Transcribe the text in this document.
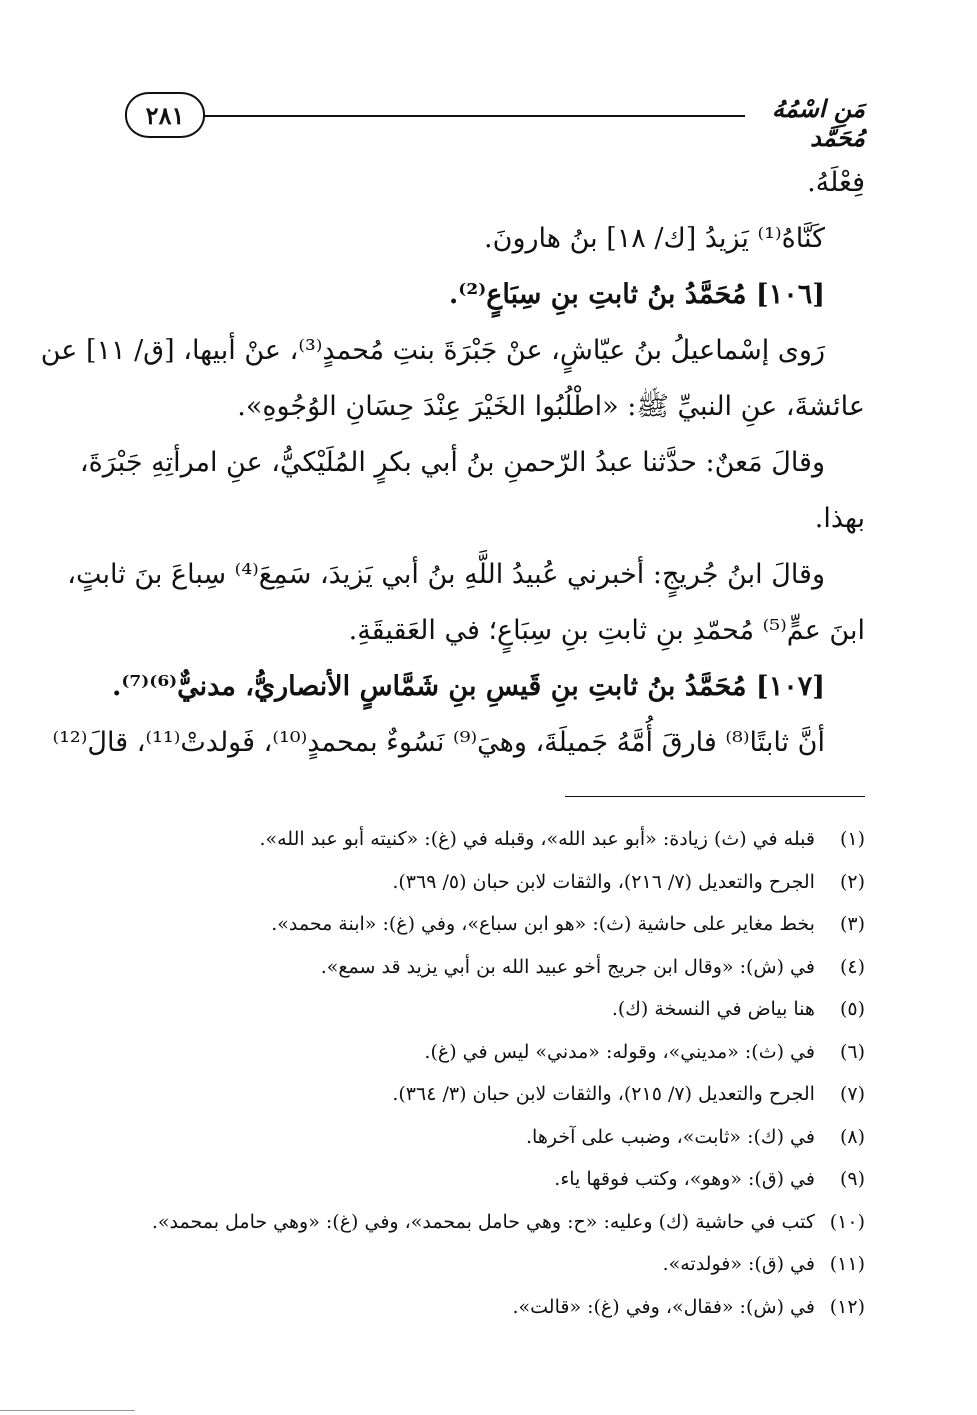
٢٨١	مَنِ اسْمُهُ مُحَمَّد
فِعْلَهُ.
كَنَّاهُ⁽¹⁾ يَزيدُ [ك/ ١٨] بنُ هارونَ.
[١٠٦] مُحَمَّدُ بنُ ثابتِ بنِ سِبَاعٍ⁽²⁾.
رَوى إسْماعيلُ بنُ عيّاشٍ، عنْ جَبْرَةَ بنتِ مُحمدٍ⁽³⁾، عنْ أبيها، [ق/ ١١] عن
عائشةَ، عنِ النبيِّ ﷺ: «اطْلُبُوا الخَيْرَ عِنْدَ حِسَانِ الوُجُوهِ».
وقالَ مَعنٌ: حدَّثنا عبدُ الرّحمنِ بنُ أبي بكرٍ المُلَيْكيُّ، عنِ امرأتِهِ جَبْرَةَ،
بهذا.
وقالَ ابنُ جُريجٍ: أخبرني عُبيدُ اللَّهِ بنُ أبي يَزيدَ، سَمِعَ⁽⁴⁾ سِباعَ بنَ ثابتٍ،
ابنَ عمٍّ⁽⁵⁾ مُحمّدِ بنِ ثابتِ بنِ سِبَاعٍ؛ في العَقيقَةِ.
[١٠٧] مُحَمَّدُ بنُ ثابتِ بنِ قَيسِ بنِ شَمَّاسٍ الأنصاريُّ، مدنيٌّ⁽⁶⁾⁽⁷⁾.
أنَّ ثابتًا⁽⁸⁾ فارقَ أُمَّهُ جَميلَةَ، وهيَ⁽⁹⁾ نَسُوءٌ بمحمدٍ⁽¹⁰⁾، فَولدتْ⁽¹¹⁾، قالَ⁽¹²⁾
(١) قبله في (ث) زيادة: «أبو عبد الله»، وقبله في (غ): «كنيته أبو عبد الله».
(٢) الجرح والتعديل (٧/ ٢١٦)، والثقات لابن حبان (٥/ ٣٦٩).
(٣) بخط مغاير على حاشية (ث): «هو ابن سباع»، وفي (غ): «ابنة محمد».
(٤) في (ش): «وقال ابن جريج أخو عبيد الله بن أبي يزيد قد سمع».
(٥) هنا بياض في النسخة (ك).
(٦) في (ث): «مديني»، وقوله: «مدني» ليس في (غ).
(٧) الجرح والتعديل (٧/ ٢١٥)، والثقات لابن حبان (٣/ ٣٦٤).
(٨) في (ك): «ثابت»، وضبب على آخرها.
(٩) في (ق): «وهو»، وكتب فوقها ياء.
(١٠) كتب في حاشية (ك) وعليه: «ح: وهي حامل بمحمد»، وفي (غ): «وهي حامل بمحمد».
(١١) في (ق): «فولدته».
(١٢) في (ش): «فقال»، وفي (غ): «قالت».
